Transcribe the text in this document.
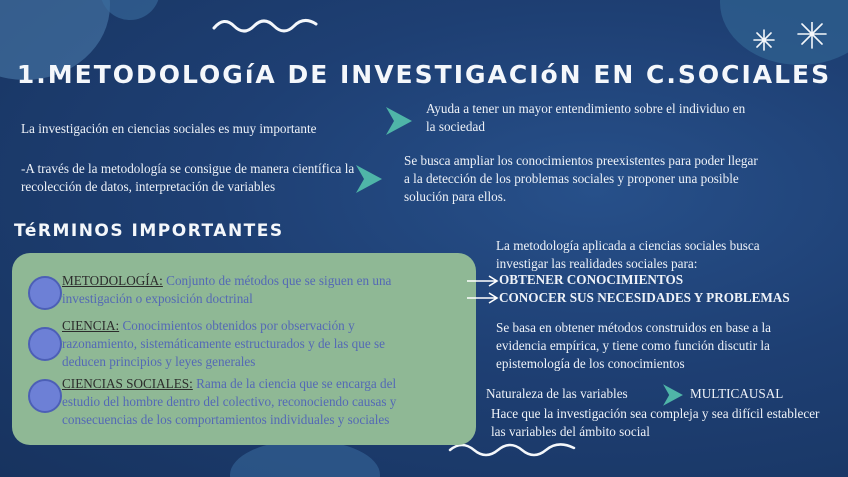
1.METODOLOGíA DE INVESTIGACIóN EN C.SOCIALES
La investigación en ciencias sociales es muy importante
Ayuda a tener un mayor entendimiento sobre el individuo en la sociedad
-A través de la metodología se consigue de manera científica la recolección de datos, interpretación de variables
Se busca ampliar los conocimientos preexistentes para poder llegar a la detección de los problemas sociales y proponer una posible solución para ellos.
TéRMINOS IMPORTANTES
METODOLOGÍA: Conjunto de métodos que se siguen en una investigación o exposición doctrinal
CIENCIA: Conocimientos obtenidos por observación y razonamiento, sistemáticamente estructurados y de las que se deducen principios y leyes generales
CIENCIAS SOCIALES: Rama de la ciencia que se encarga del estudio del hombre dentro del colectivo, reconociendo causas y consecuencias de los comportamientos individuales y sociales
La metodología aplicada a ciencias sociales busca investigar las realidades sociales para:
OBTENER CONOCIMIENTOS
CONOCER SUS NECESIDADES Y PROBLEMAS
Se basa en obtener métodos construidos en base a la evidencia empírica, y tiene como función discutir la epistemología de los conocimientos
Naturaleza de las variables	MULTICAUSAL
Hace que la investigación sea compleja y sea difícil establecer las variables del ámbito social
